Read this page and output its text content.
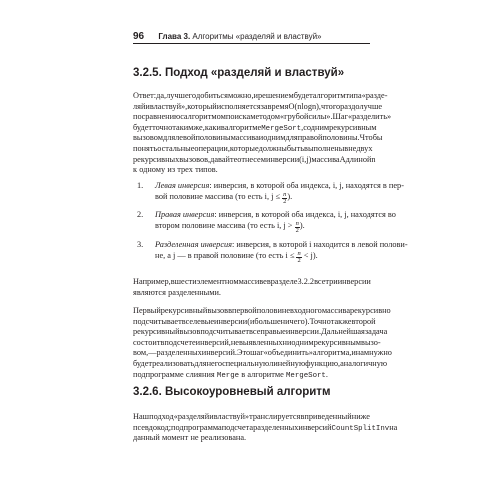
96 Глава 3. Алгоритмы «разделяй и властвуй»
3.2.5. Подход «разделяй и властвуй»
Ответ: да, лучшего добиться можно, и решением будет алгоритм типа «разде-
ляй и властвуй», который исполняется за время O(n log n), что гораздо лучше
по сравнению с алгоритмом поиска методом «грубой силы». Шаг «разделить»
будет точно таким же, как и в алгоритме MergeSort, с одним рекурсивным
вызовом для левой половины массива и одним для правой половины. Чтобы
понять остальные операции, которые должны быть выполнены вне двух
рекурсивных вызовов, давайте отнесем инверсии (i, j) массива A длиной n
к одному из трех типов.
1. Левая инверсия : инверсия, в которой оба индекса, i, j, находятся в пер-
вой половине массива (то есть i, $j \le \frac{n}{2}$ ).
2. Правая инверсия : инверсия, в которой оба индекса, i, j, находятся во
втором половине массива (то есть i, $j > \frac{n}{2}$ ).
3. Разделенная инверсия : инверсия, в которой i находится в левой полови-
не, а j — в правой половине (то есть $i \le \frac{n}{2} < j$).
Например, в шестиэлементном массиве в разделе 3.2.2 все три инверсии
являются разделенными.
Первый рекурсивный вызов в первой половине входного массива рекурсивно
подсчитывает все левые инверсии (и больше ничего). Точно так же второй
рекурсивный вызов подсчитывает все правые инверсии. Дальнейшая задача
состоит в подсчете инверсий, не выявленных ни одним рекурсивным вызо-
вом, — разделенных инверсий. Это шаг «объединить» алгоритма, и нам нужно
будет реализовать для него специальную линейную функцию, аналогичную
подпрограмме слияния Merge в алгоритме MergeSort.
3.2.6. Высокоуровневый алгоритм
Наш подход «разделяй и властвуй» транслируется в приведенный ниже
псевдокод; подпрограмма подсчета разделенных инверсий CountSplitInv на
данный момент не реализована.
